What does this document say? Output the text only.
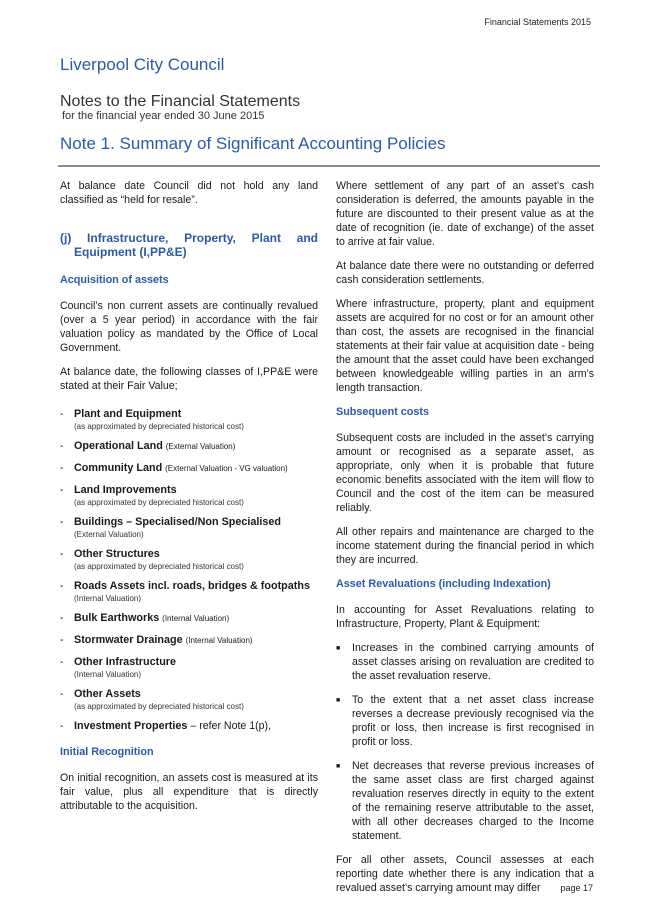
Financial Statements 2015
Liverpool City Council
Notes to the Financial Statements
for the financial year ended 30 June 2015
Note 1. Summary of Significant Accounting Policies

At balance date Council did not hold any land classified as “held for resale”.

(j) Infrastructure, Property, Plant and Equipment (I,PP&E)
Acquisition of assets

Council’s non current assets are continually revalued (over a 5 year period) in accordance with the fair valuation policy as mandated by the Office of Local Government.

At balance date, the following classes of I,PP&E were stated at their Fair Value;

- Plant and Equipment
(as approximated by depreciated historical cost)
- Operational Land (External Valuation)
- Community Land (External Valuation - VG valuation)
- Land Improvements
(as approximated by depreciated historical cost)
- Buildings – Specialised/Non Specialised
(External Valuation)
- Other Structures
(as approximated by depreciated historical cost)
- Roads Assets incl. roads, bridges & footpaths
(Internal Valuation)
- Bulk Earthworks (Internal Valuation)
- Stormwater Drainage (Internal Valuation)
- Other Infrastructure
(Internal Valuation)
- Other Assets
(as approximated by depreciated historical cost)
- Investment Properties – refer Note 1(p),
Initial Recognition

On initial recognition, an assets cost is measured at its fair value, plus all expenditure that is directly attributable to the acquisition.

Where settlement of any part of an asset’s cash consideration is deferred, the amounts payable in the future are discounted to their present value as at the date of recognition (ie. date of exchange) of the asset to arrive at fair value.

At balance date there were no outstanding or deferred cash consideration settlements.

Where infrastructure, property, plant and equipment assets are acquired for no cost or for an amount other than cost, the assets are recognised in the financial statements at their fair value at acquisition date - being the amount that the asset could have been exchanged between knowledgeable willing parties in an arm’s length transaction.

Subsequent costs

Subsequent costs are included in the asset’s carrying amount or recognised as a separate asset, as appropriate, only when it is probable that future economic benefits associated with the item will flow to Council and the cost of the item can be measured reliably.

All other repairs and maintenance are charged to the income statement during the financial period in which they are incurred.

Asset Revaluations (including Indexation)

In accounting for Asset Revaluations relating to Infrastructure, Property, Plant & Equipment:

■	Increases in the combined carrying amounts of asset classes arising on revaluation are credited to the asset revaluation reserve.
■	To the extent that a net asset class increase reverses a decrease previously recognised via the profit or loss, then increase is first recognised in profit or loss.
■	Net decreases that reverse previous increases of the same asset class are first charged against revaluation reserves directly in equity to the extent of the remaining reserve attributable to the asset, with all other decreases charged to the Income statement.

For all other assets, Council assesses at each reporting date whether there is any indication that a revalued asset’s carrying amount may differ	page 17
